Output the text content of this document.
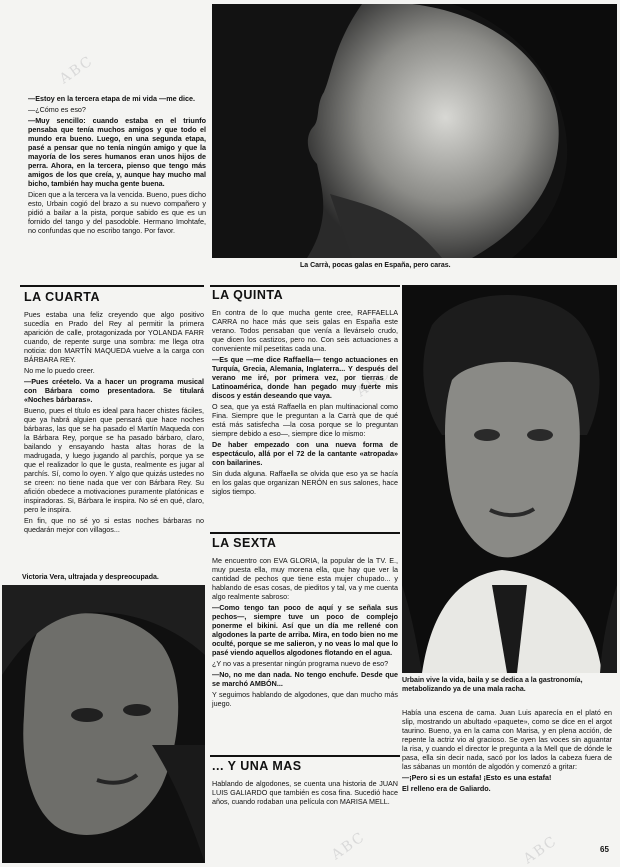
ABC
ABC
ABC	ABC
La Carrà, pocas galas en España, pero caras.

—Estoy en la tercera etapa de mi vida —me dice.

—¿Cómo es eso?

—Muy sencillo: cuando estaba en el triunfo pensaba que tenía muchos amigos y que todo el mundo era bueno. Luego, en una segunda etapa, pasé a pensar que no tenía ningún amigo y que la mayoría de los seres humanos eran unos hijos de perra. Ahora, en la tercera, pienso que tengo más amigos de los que creía, y, aunque hay mucho mal bicho, también hay mucha gente buena.

Dicen que a la tercera va la vencida. Bueno, pues dicho esto, Urbain cogió del brazo a su nuevo compañero y pidió a bailar a la pista, porque sabido es que es un fornido del tango y del pasodoble. Hermano Imohtafe, no confundas que no escribo tango. Por favor.

LA CUARTA

Pues estaba una feliz creyendo que algo positivo sucedía en Prado del Rey al permitir la primera aparición de calle, protagonizada por YOLANDA FARR cuando, de repente surge una sombra: me llega otra noticia: don MARTÍN MAQUEDA vuelve a la carga con BÁRBARA REY.

No me lo puedo creer.

—Pues créetelo. Va a hacer un programa musical con Bárbara como presentadora. Se titulará «Noches bárbaras».

Bueno, pues el título es ideal para hacer chistes fáciles, que ya habrá alguien que pensará que hace noches bárbaras, las que se ha pasado el Martín Maqueda con la Bárbara Rey, porque se ha pasado bárbaro, claro, bailando y ensayando hasta altas horas de la madrugada, y luego jugando al parchís, porque ya se que el realizador lo que le gusta, realmente es jugar al parchís. Sí, como lo oyen. Y algo que quizás ustedes no se creen: no tiene nada que ver con Bárbara Rey. Su afición obedece a motivaciones puramente platónicas e inspiradoras. Si, Bárbara le inspira. No sé en qué, claro, pero le inspira.

En fin, que no sé yo si estas noches bárbaras no quedarán mejor con villagos...

Victoria Vera, ultrajada y despreocupada.
LA QUINTA

En contra de lo que mucha gente cree, RAFFAELLA CARRA no hace más que seis galas en España este verano. Todos pensaban que venía a llevárselo crudo, que dicen los castizos, pero no. Con seis actuaciones a conveniente mil pesetitas cada una.

—Es que —me dice Raffaella— tengo actuaciones en Turquía, Grecia, Alemania, Inglaterra... Y después del verano me iré, por primera vez, por tierras de Latinoamérica, donde han pegado muy fuerte mis discos y están deseando que vaya.

O sea, que ya está Raffaella en plan multinacional como Fina. Siempre que le preguntan a la Carrà que de qué está más satisfecha —la cosa porque se lo preguntan siempre debido a eso—, siempre dice lo mismo:

De haber empezado con una nueva forma de espectáculo, allá por el 72 de la cantante «atropada» con bailarines.

Sin duda alguna. Raffaella se olvida que eso ya se hacía en los galas que organizan NERÓN en sus salones, hace siglos tiempo.

LA SEXTA

Me encuentro con EVA GLORIA, la popular de la TV. E., muy puesta ella, muy morena ella, que hay que ver la cantidad de pechos que tiene esta mujer chupado... y hablando de esas cosas, de pieditos y tal, va y me cuenta algo realmente sabroso:

—Como tengo tan poco de aquí y se señala sus pechos—, siempre tuve un poco de complejo ponerme el bikini. Así que un día me rellené con algodones la parte de arriba. Mira, en todo bien no me oculté, porque se me salieron, y no veas lo mal que lo pasé viendo aquellos algodones flotando en el agua.

¿Y no vas a presentar ningún programa nuevo de eso?

—No, no me dan nada. No tengo enchufe. Desde que se marchó AMBÓN...

Y seguimos hablando de algodones, que dan mucho más juego.

... Y UNA MAS

Hablando de algodones, se cuenta una historia de JUAN LUIS GALIARDO que también es cosa fina. Sucedió hace años, cuando rodaban una película con MARISA MELL.

Urbain vive la vida, baila y se dedica a la gastronomía, metabolizando ya de una mala racha.

Había una escena de cama. Juan Luis aparecía en el plató en slip, mostrando un abultado «paquete», como se dice en el argot taurino. Bueno, ya en la cama con Marisa, y en plena acción, de repente la actriz vio al gracioso. Se oyen las voces sin aguantar la risa, y cuando el director le pregunta a la Mell que de dónde le pasa, ella sin decir nada, sacó por los lados la cabeza fuera de las sábanas un montón de algodón y comenzó a gritar:

—¡Pero si es un estafa! ¡Esto es una estafa!

El relleno era de Galiardo.

65
